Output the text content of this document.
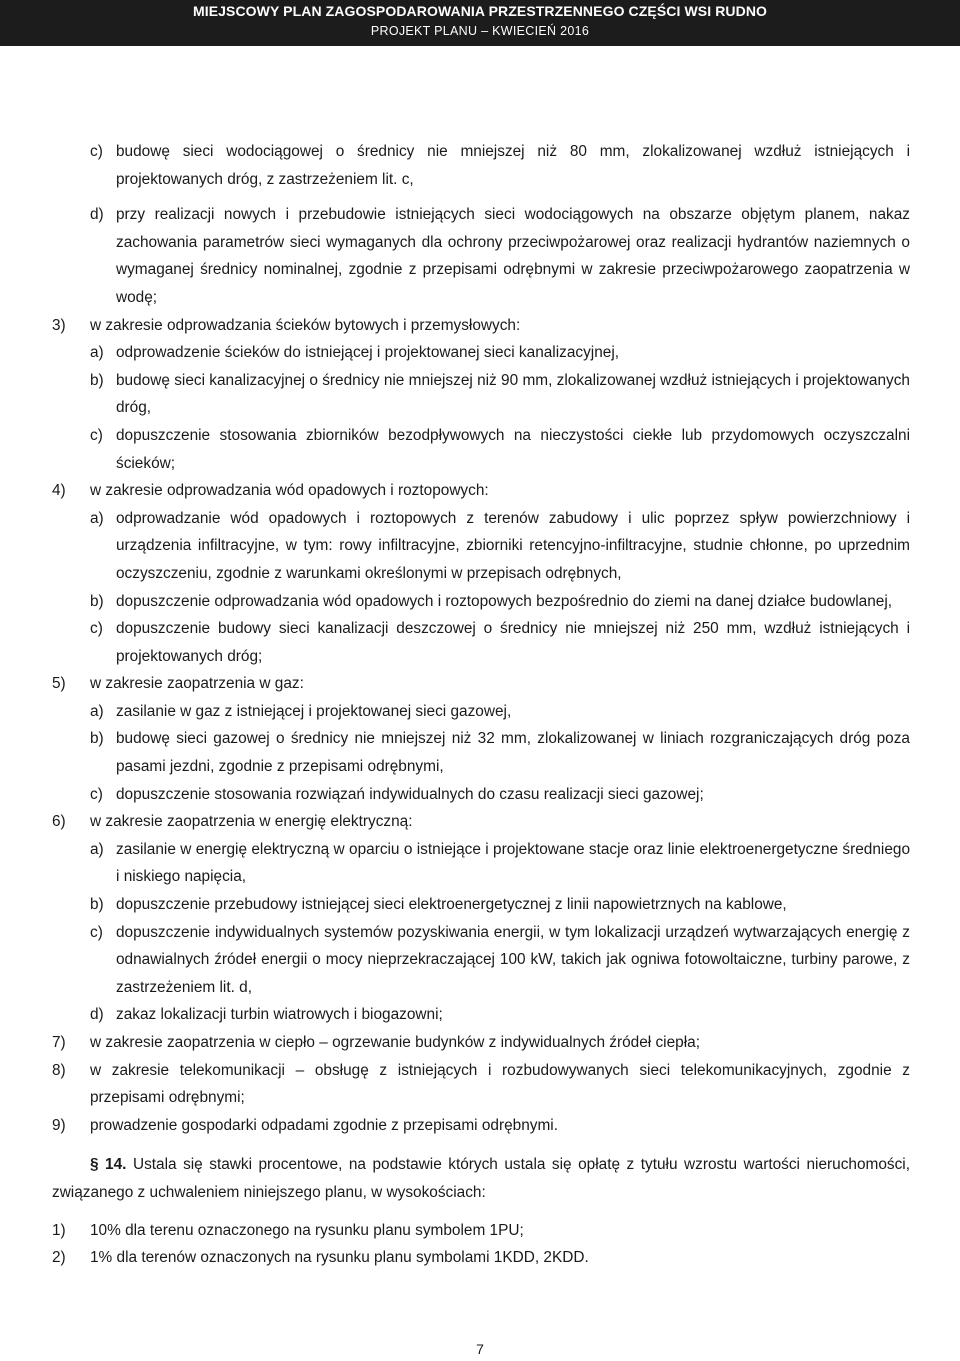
MIEJSCOWY PLAN ZAGOSPODAROWANIA PRZESTRZENNEGO CZĘŚCI WSI RUDNO
PROJEKT PLANU – KWIECIEŃ 2016
c) budowę sieci wodociągowej o średnicy nie mniejszej niż 80 mm, zlokalizowanej wzdłuż istniejących i projektowanych dróg, z zastrzeżeniem lit. c,
d) przy realizacji nowych i przebudowie istniejących sieci wodociągowych na obszarze objętym planem, nakaz zachowania parametrów sieci wymaganych dla ochrony przeciwpożarowej oraz realizacji hydrantów naziemnych o wymaganej średnicy nominalnej, zgodnie z przepisami odrębnymi w zakresie przeciwpożarowego zaopatrzenia w wodę;
3) w zakresie odprowadzania ścieków bytowych i przemysłowych:
a) odprowadzenie ścieków do istniejącej i projektowanej sieci kanalizacyjnej,
b) budowę sieci kanalizacyjnej o średnicy nie mniejszej niż 90 mm, zlokalizowanej wzdłuż istniejących i projektowanych dróg,
c) dopuszczenie stosowania zbiorników bezodpływowych na nieczystości ciekłe lub przydomowych oczyszczalni ścieków;
4) w zakresie odprowadzania wód opadowych i roztopowych:
a) odprowadzanie wód opadowych i roztopowych z terenów zabudowy i ulic poprzez spływ powierzchniowy i urządzenia infiltracyjne, w tym: rowy infiltracyjne, zbiorniki retencyjno-infiltracyjne, studnie chłonne, po uprzednim oczyszczeniu, zgodnie z warunkami określonymi w przepisach odrębnych,
b) dopuszczenie odprowadzania wód opadowych i roztopowych bezpośrednio do ziemi na danej działce budowlanej,
c) dopuszczenie budowy sieci kanalizacji deszczowej o średnicy nie mniejszej niż 250 mm, wzdłuż istniejących i projektowanych dróg;
5) w zakresie zaopatrzenia w gaz:
a) zasilanie w gaz z istniejącej i projektowanej sieci gazowej,
b) budowę sieci gazowej o średnicy nie mniejszej niż 32 mm, zlokalizowanej w liniach rozgraniczających dróg poza pasami jezdni, zgodnie z przepisami odrębnymi,
c) dopuszczenie stosowania rozwiązań indywidualnych do czasu realizacji sieci gazowej;
6) w zakresie zaopatrzenia w energię elektryczną:
a) zasilanie w energię elektryczną w oparciu o istniejące i projektowane stacje oraz linie elektroenergetyczne średniego i niskiego napięcia,
b) dopuszczenie przebudowy istniejącej sieci elektroenergetycznej z linii napowietrznych na kablowe,
c) dopuszczenie indywidualnych systemów pozyskiwania energii, w tym lokalizacji urządzeń wytwarzających energię z odnawialnych źródeł energii o mocy nieprzekraczającej 100 kW, takich jak ogniwa fotowoltaiczne, turbiny parowe, z zastrzeżeniem lit. d,
d) zakaz lokalizacji turbin wiatrowych i biogazowni;
7) w zakresie zaopatrzenia w ciepło – ogrzewanie budynków z indywidualnych źródeł ciepła;
8) w zakresie telekomunikacji – obsługę z istniejących i rozbudowywanych sieci telekomunikacyjnych, zgodnie z przepisami odrębnymi;
9) prowadzenie gospodarki odpadami zgodnie z przepisami odrębnymi.
§ 14. Ustala się stawki procentowe, na podstawie których ustala się opłatę z tytułu wzrostu wartości nieruchomości, związanego z uchwaleniem niniejszego planu, w wysokościach:
1) 10% dla terenu oznaczonego na rysunku planu symbolem 1PU;
2) 1% dla terenów oznaczonych na rysunku planu symbolami 1KDD, 2KDD.
7
